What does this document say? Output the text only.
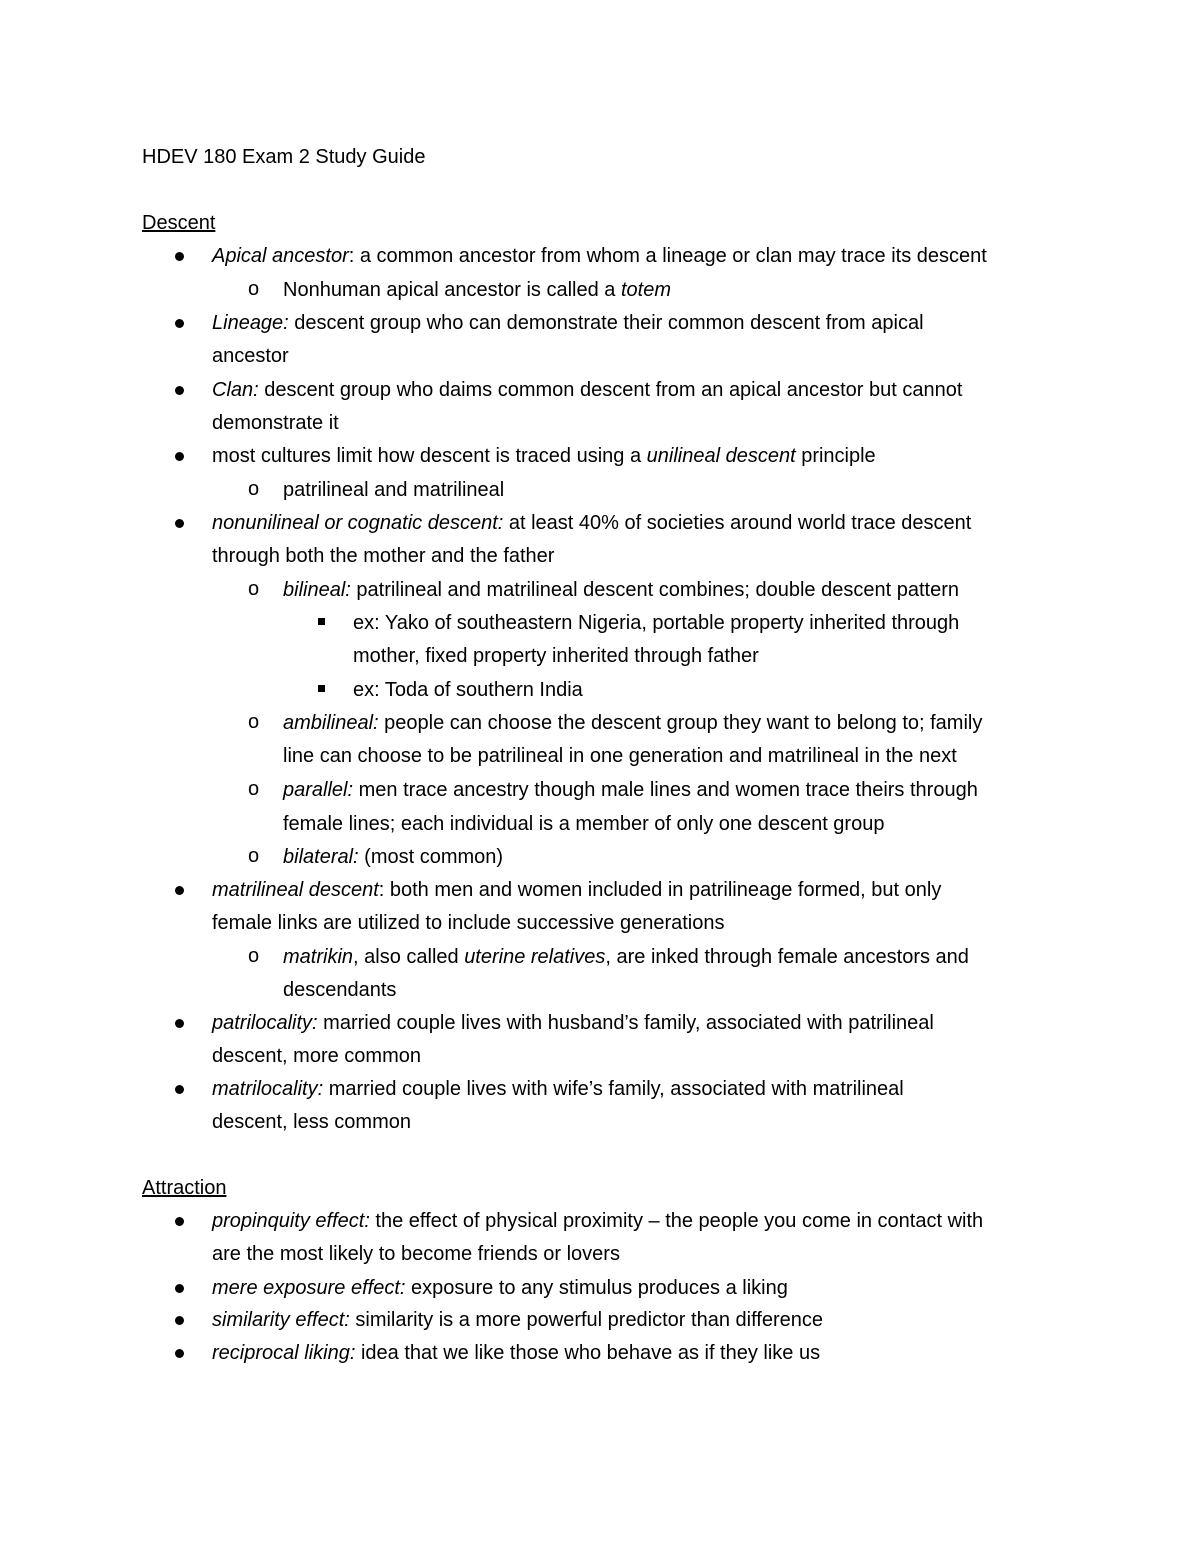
HDEV 180 Exam 2 Study Guide
Descent
Apical ancestor: a common ancestor from whom a lineage or clan may trace its descent
o Nonhuman apical ancestor is called a totem
Lineage: descent group who can demonstrate their common descent from apical
ancestor
Clan: descent group who daims common descent from an apical ancestor but cannot
demonstrate it
most cultures limit how descent is traced using a unilineal descent principle
o patrilineal and matrilineal
nonunilineal or cognatic descent: at least 40% of societies around world trace descent
through both the mother and the father
o bilineal: patrilineal and matrilineal descent combines; double descent pattern
ex: Yako of southeastern Nigeria, portable property inherited through
mother, fixed property inherited through father
ex: Toda of southern India
o ambilineal: people can choose the descent group they want to belong to; family
line can choose to be patrilineal in one generation and matrilineal in the next
o parallel: men trace ancestry though male lines and women trace theirs through
female lines; each individual is a member of only one descent group
o bilateral: (most common)
matrilineal descent: both men and women included in patrilineage formed, but only
female links are utilized to include successive generations
o matrikin, also called uterine relatives, are inked through female ancestors and
descendants
patrilocality: married couple lives with husband’s family, associated with patrilineal
descent, more common
matrilocality: married couple lives with wife’s family, associated with matrilineal
descent, less common
Attraction
propinquity effect: the effect of physical proximity – the people you come in contact with
are the most likely to become friends or lovers
mere exposure effect: exposure to any stimulus produces a liking
similarity effect: similarity is a more powerful predictor than difference
reciprocal liking: idea that we like those who behave as if they like us
